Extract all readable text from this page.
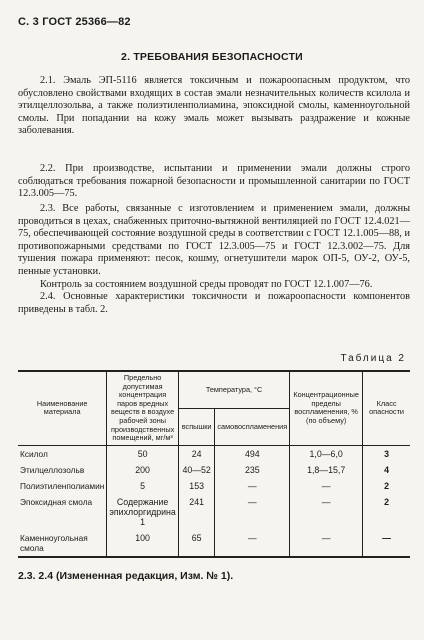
С. 3 ГОСТ 25366—82
2. ТРЕБОВАНИЯ БЕЗОПАСНОСТИ

2.1. Эмаль ЭП-5116 является токсичным и пожароопасным продуктом, что обусловлено свойствами входящих в состав эмали незначительных количеств ксилола и этилцеллозольва, а также полиэтиленполиамина, эпоксидной смолы, каменноугольной смолы. При попадании на кожу эмаль может вызывать раздражение и кожные заболевания.

2.2. При производстве, испытании и применении эмали должны строго соблюдаться требования пожарной безопасности и промышленной санитарии по ГОСТ 12.3.005—75.

2.3. Все работы, связанные с изготовлением и применением эмали, должны проводиться в цехах, снабженных приточно-вытяжной вентиляцией по ГОСТ 12.4.021—75, обеспечивающей состояние воздушной среды в соответствии с ГОСТ 12.1.005—88, и противопожарными средствами по ГОСТ 12.3.005—75 и ГОСТ 12.3.002—75. Для тушения пожара применяют: песок, кошму, огнетушители марок ОП-5, ОУ-2, ОУ-5, пенные установки.

Контроль за состоянием воздушной среды проводят по ГОСТ 12.1.007—76.

2.4. Основные характеристики токсичности и пожароопасности компонентов приведены в табл. 2.

Таблица 2
Наименование материала	Предельно допустимая концентрация паров вредных веществ в воздухе рабочей зоны производственных помещений, мг/м³	Температура, °С		Концентрационные пределы воспламенения, % (по объему)	Класс опасности
		вспышки	самовоспламенения		
Ксилол	50	24	494	1,0—6,0	3
Этилцеллозольв	200	40—52	235	1,8—15,7	4
Полиэтиленполиамин	5	153	—	—	2
Эпоксидная смола	Содержание эпихлоргидрина 1	241	—	—	2
Каменноугольная смола	100	65	—	—	—
2.3. 2.4 (Измененная редакция, Изм. № 1).
